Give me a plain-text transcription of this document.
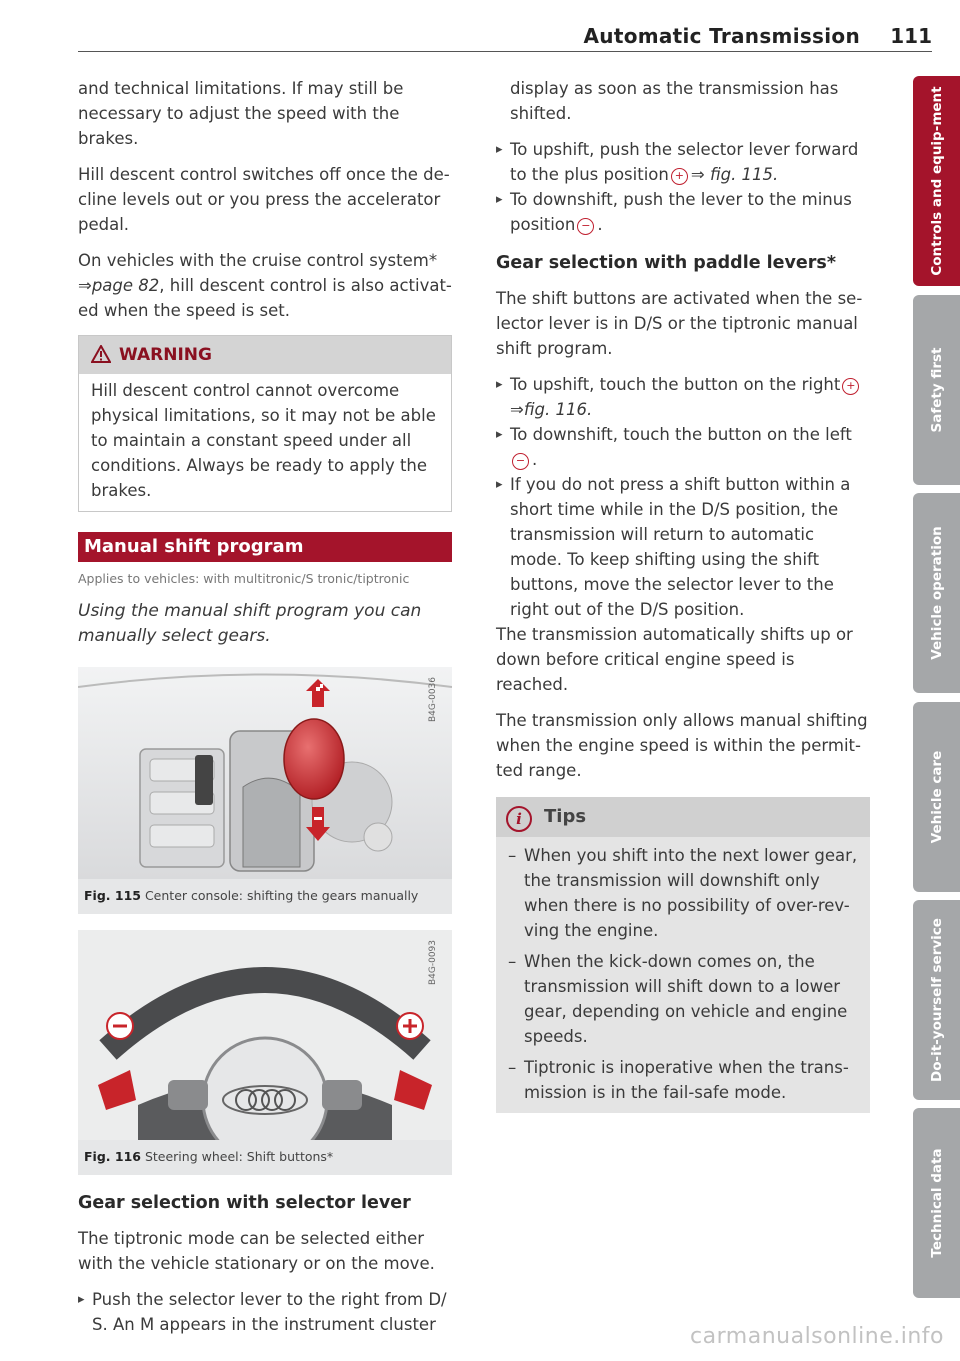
Automatic Transmission 111

and technical limitations. If may still be necessary to adjust the speed with the brakes.

Hill descent control switches off once the de-cline levels out or you press the accelerator pedal.

On vehicles with the cruise control system* ⇒page 82, hill descent control is also activat-ed when the speed is set.

WARNING
Hill descent control cannot overcome physical limitations, so it may not be able to maintain a constant speed under all conditions. Always be ready to apply the brakes.
Manual shift program
Applies to vehicles: with multitronic/S tronic/tiptronic
Using the manual shift program you can manually select gears.
B4G-0036
Fig. 115 Center console: shifting the gears manually
B4G-0093
Fig. 116 Steering wheel: Shift buttons*
Gear selection with selector lever

The tiptronic mode can be selected either with the vehicle stationary or on the move.

▸ Push the selector lever to the right from D/ S. An M appears in the instrument cluster

display as soon as the transmission has shifted.

▸ To upshift, push the selector lever forward to the plus position + ⇒ fig. 115.

▸ To downshift, push the lever to the minus position − .

Gear selection with paddle levers*

The shift buttons are activated when the se-lector lever is in D/S or the tiptronic manual shift program.

▸ To upshift, touch the button on the right +
⇒fig. 116.

▸ To downshift, touch the button on the left
− .

▸ If you do not press a shift button within a short time while in the D/S position, the transmission will return to automatic mode. To keep shifting using the shift buttons, move the selector lever to the right out of the D/S position.

The transmission automatically shifts up or down before critical engine speed is reached.

The transmission only allows manual shifting when the engine speed is within the permit-ted range.

i Tips
– When you shift into the next lower gear, the transmission will downshift only when there is no possibility of over-rev-ving the engine.
– When the kick-down comes on, the transmission will shift down to a lower gear, depending on vehicle and engine speeds.
– Tiptronic is inoperative when the trans-mission is in the fail-safe mode.
Controls and equip-ment
Safety first
Vehicle operation
Vehicle care
Do-it-yourself service
Technical data
carmanualsonline.info
